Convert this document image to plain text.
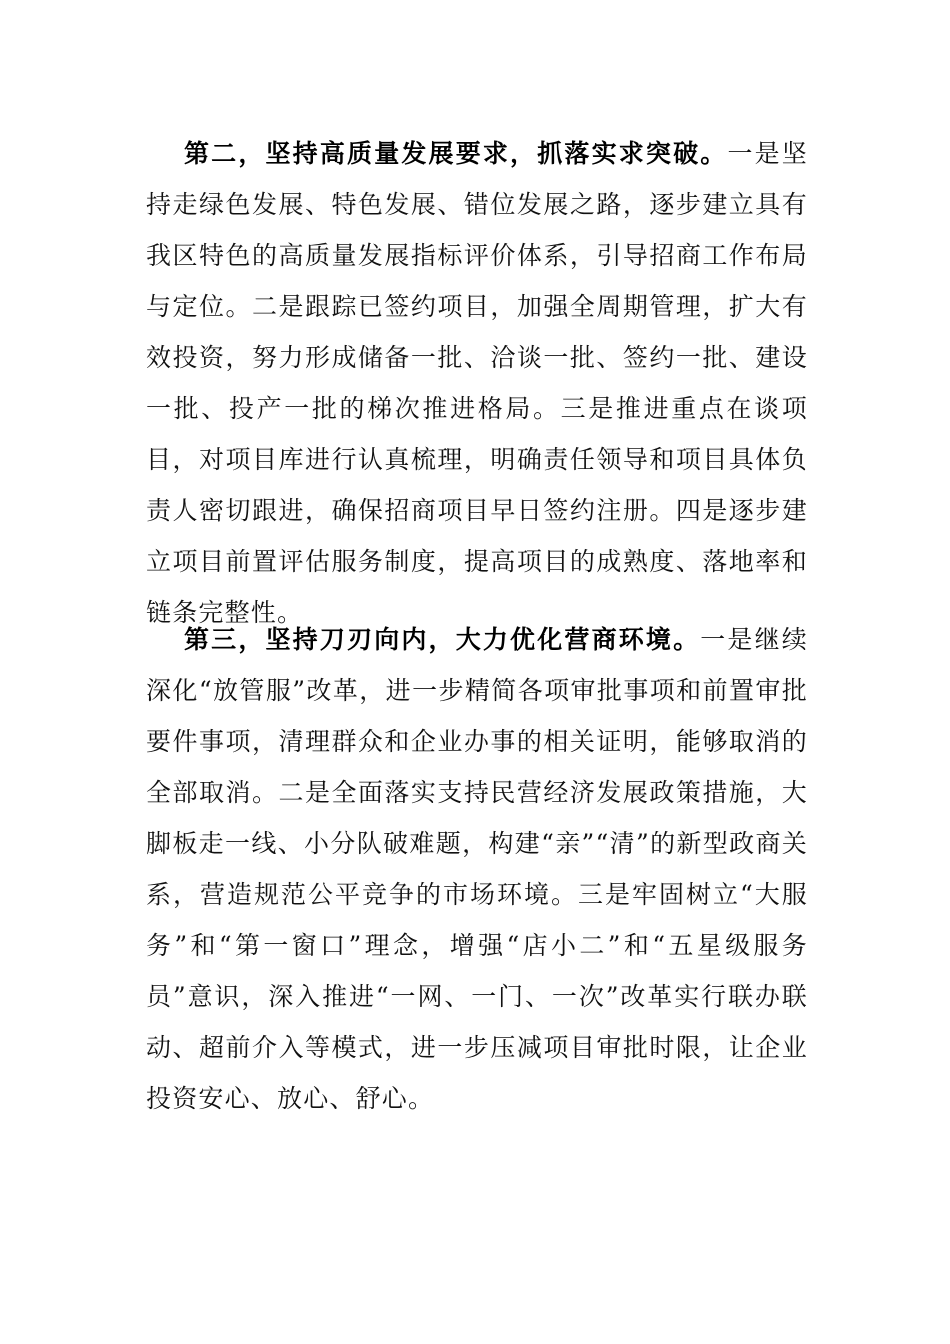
第二，坚持高质量发展要求，抓落实求突破。一是坚持走绿色发展、特色发展、错位发展之路，逐步建立具有我区特色的高质量发展指标评价体系，引导招商工作布局与定位。二是跟踪已签约项目，加强全周期管理，扩大有效投资，努力形成储备一批、洽谈一批、签约一批、建设一批、投产一批的梯次推进格局。三是推进重点在谈项目，对项目库进行认真梳理，明确责任领导和项目具体负责人密切跟进，确保招商项目早日签约注册。四是逐步建立项目前置评估服务制度，提高项目的成熟度、落地率和链条完整性。

第三，坚持刀刃向内，大力优化营商环境。一是继续深化“放管服”改革，进一步精简各项审批事项和前置审批要件事项，清理群众和企业办事的相关证明，能够取消的全部取消。二是全面落实支持民营经济发展政策措施，大脚板走一线、小分队破难题，构建“亲”“清”的新型政商关系，营造规范公平竞争的市场环境。三是牢固树立“大服务”和“第一窗口”理念，增强“店小二”和“五星级服务员”意识，深入推进“一网、一门、一次”改革实行联办联动、超前介入等模式，进一步压减项目审批时限，让企业投资安心、放心、舒心。
